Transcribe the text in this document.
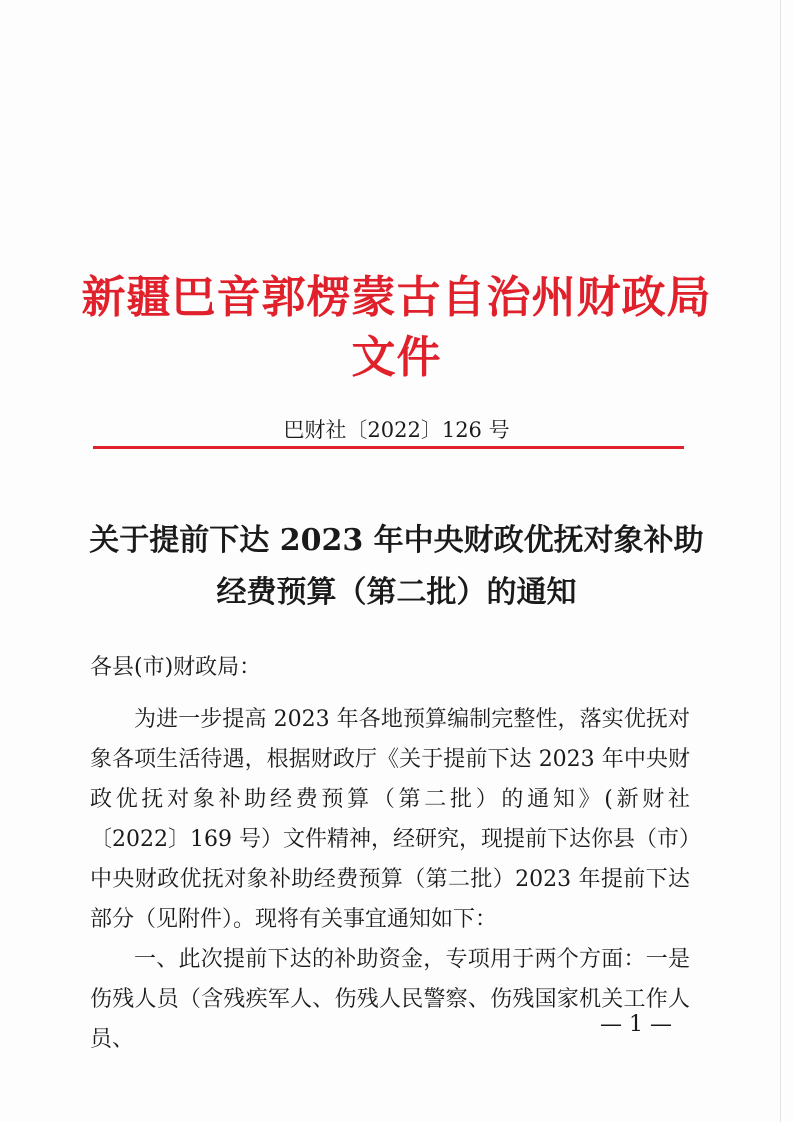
新疆巴音郭楞蒙古自治州财政局文件
巴财社〔2022〕126 号
关于提前下达 2023 年中央财政优抚对象补助
经费预算（第二批）的通知
各县(市)财政局：

为进一步提高 2023 年各地预算编制完整性，落实优抚对象各项生活待遇，根据财政厅《关于提前下达 2023 年中央财政优抚对象补助经费预算（第二批）的通知》(新财社〔2022〕169 号）文件精神，经研究，现提前下达你县（市）中央财政优抚对象补助经费预算（第二批）2023 年提前下达部分（见附件）。现将有关事宜通知如下：

一、此次提前下达的补助资金，专项用于两个方面：一是伤残人员（含残疾军人、伤残人民警察、伤残国家机关工作人员、

— 1 —
